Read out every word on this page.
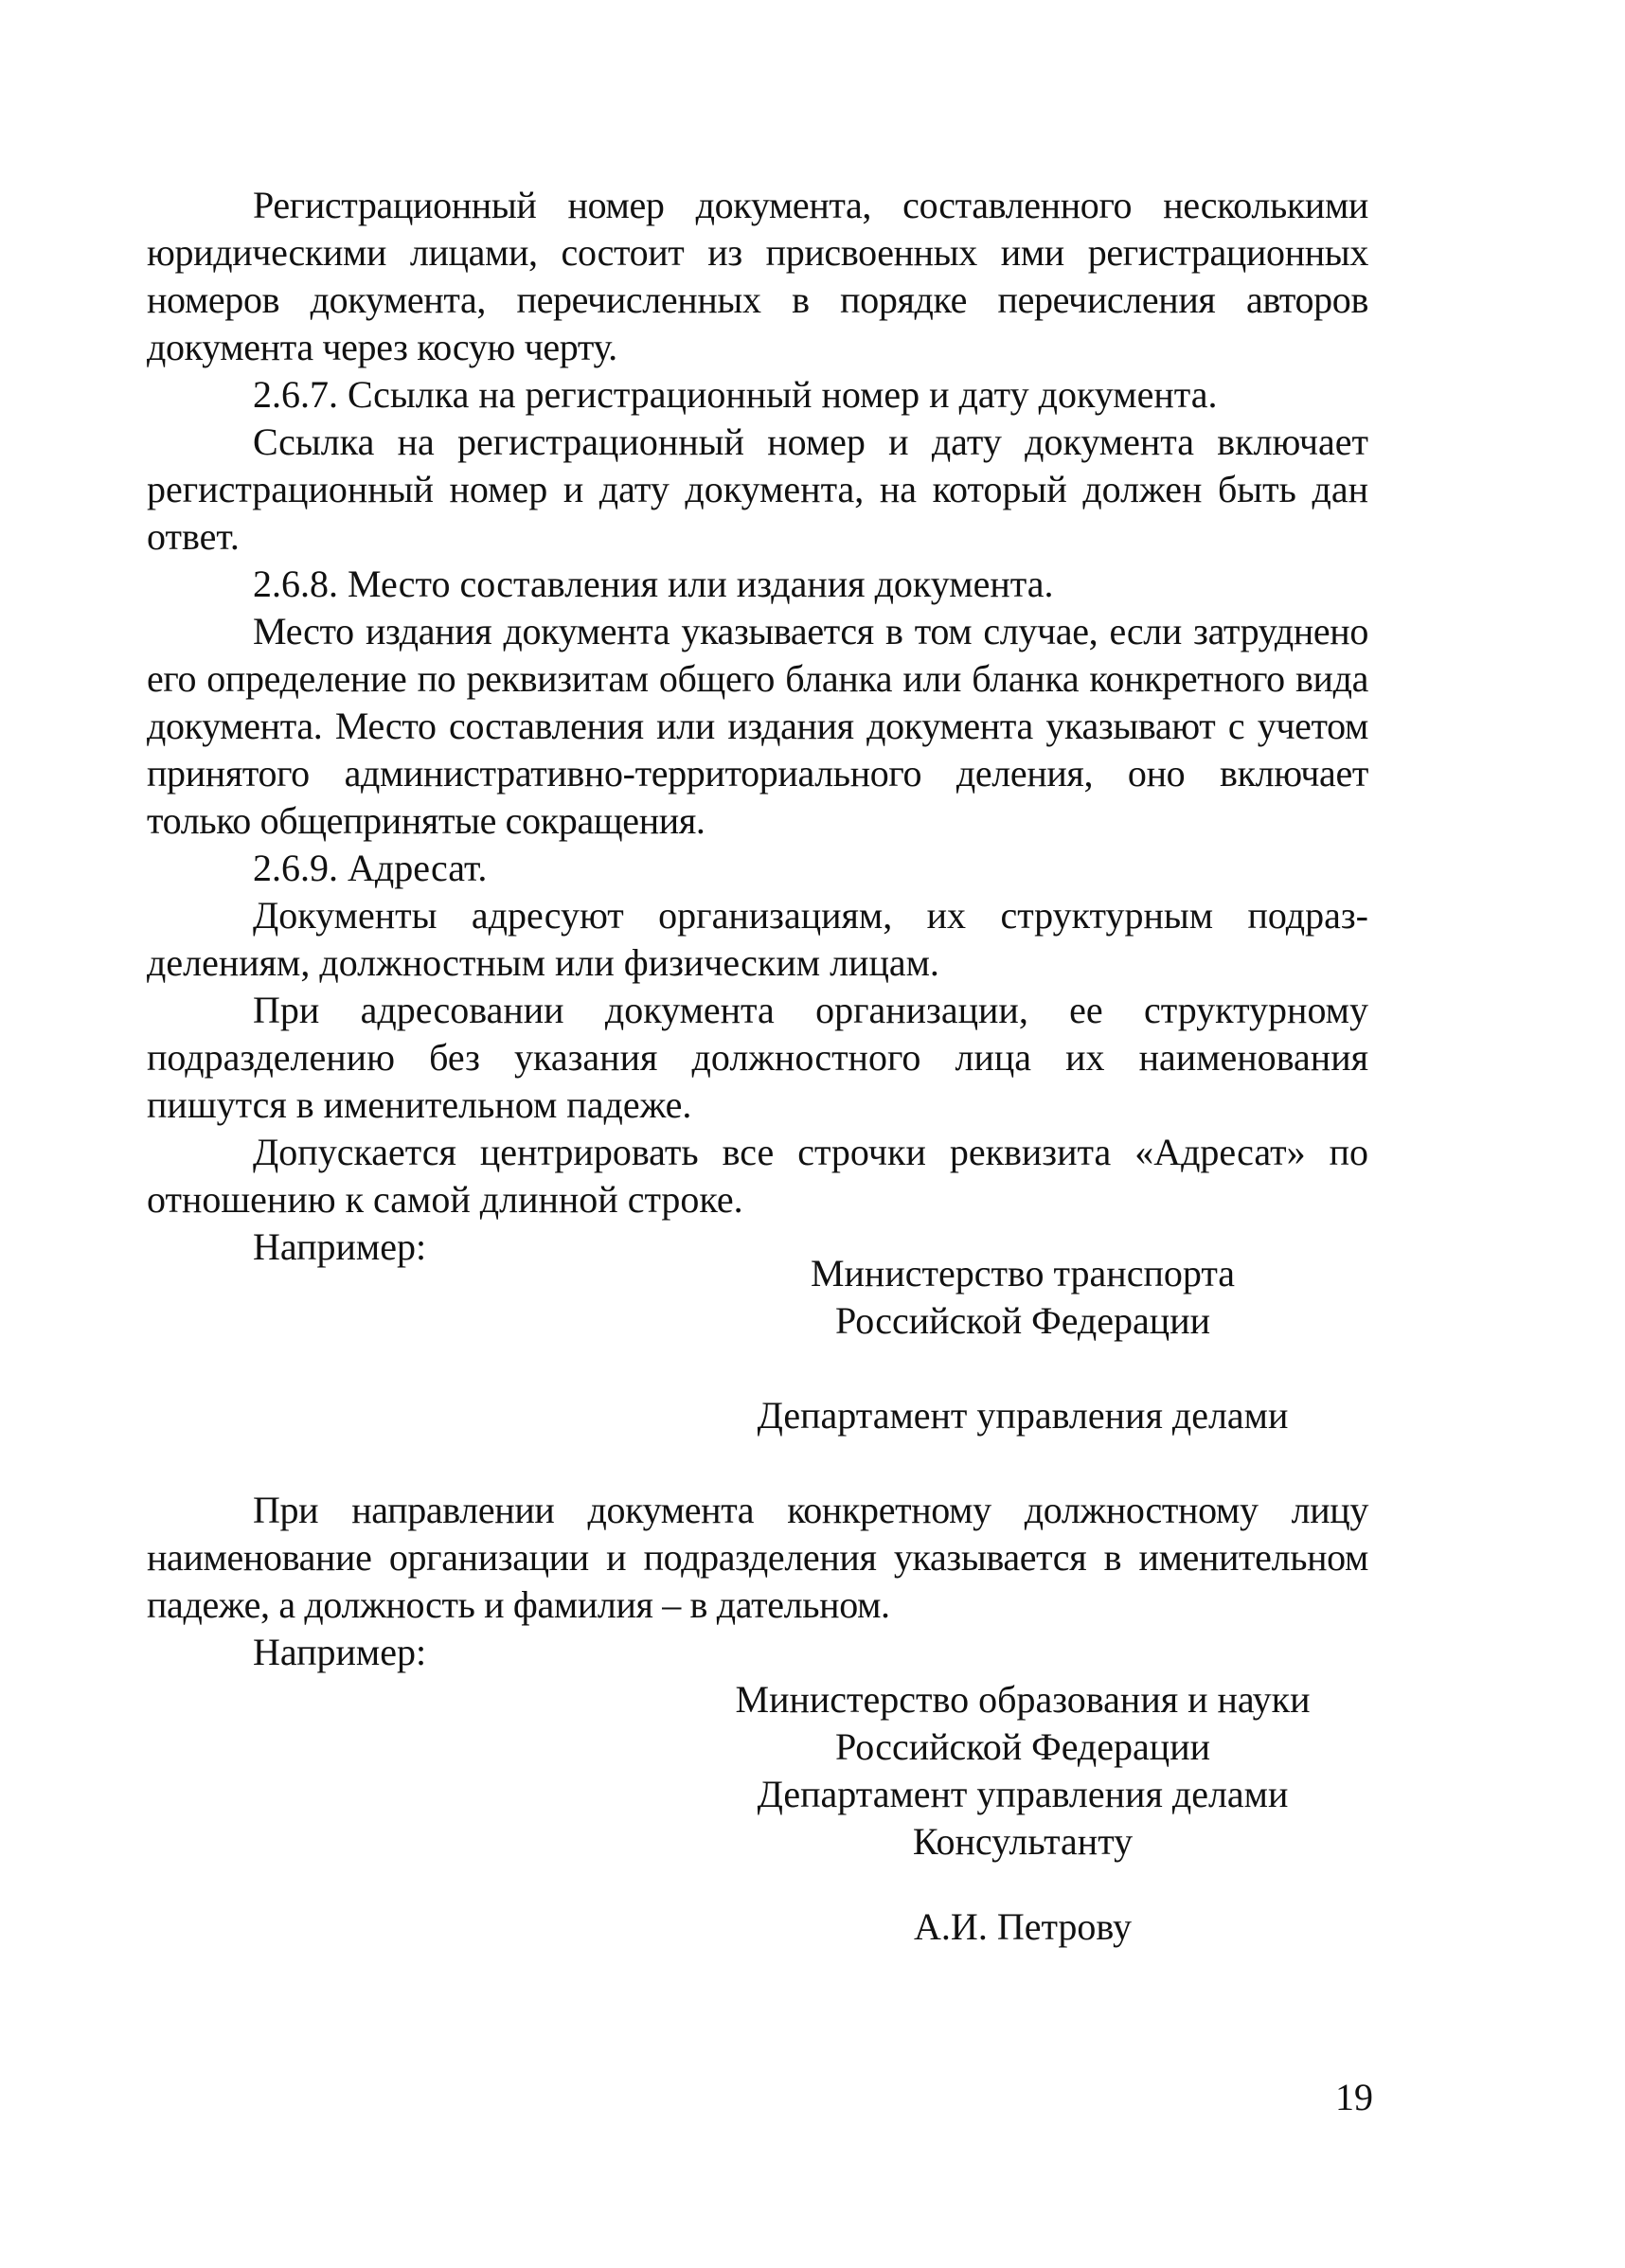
Регистрационный номер документа, составленного несколькими юридическими лицами, состоит из присвоенных ими регистрационных номеров документа, перечисленных в порядке перечисления авторов документа через косую черту.

2.6.7. Ссылка на регистрационный номер и дату документа.

Ссылка на регистрационный номер и дату документа включает регистрационный номер и дату документа, на который должен быть дан ответ.

2.6.8. Место составления или издания документа.

Место издания документа указывается в том случае, если затруднено его определение по реквизитам общего бланка или бланка конкретного вида документа. Место составления или издания документа указывают с учетом принятого административно-территориального деления, оно включает только общепринятые сокращения.

2.6.9. Адресат.

Документы адресуют организациям, их структурным подразделениям, должностным или физическим лицам.

При адресовании документа организации, ее структурному подразделению без указания должностного лица их наименования пишутся в именительном падеже.

Допускается центрировать все строчки реквизита «Адресат» по отношению к самой длинной строке.

Например:

Министерство транспорта
Российской Федерации
Департамент управления делами

При направлении документа конкретному должностному лицу наименование организации и подразделения указывается в именительном падеже, а должность и фамилия – в дательном.

Например:

Министерство образования и науки
Российской Федерации
Департамент управления делами
Консультанту
А.И. Петрову
19
